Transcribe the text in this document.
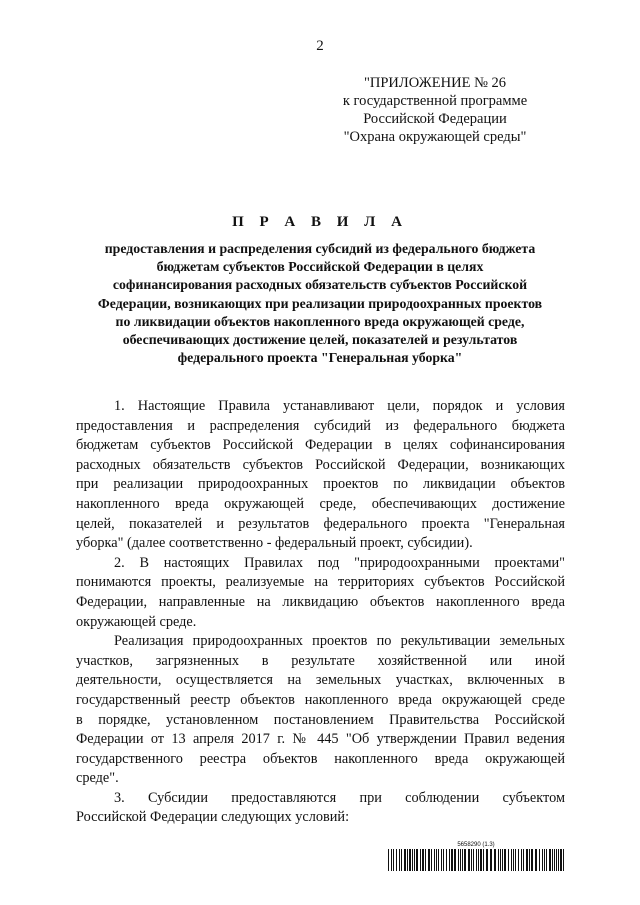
2
"ПРИЛОЖЕНИЕ № 26
к государственной программе
Российской Федерации
"Охрана окружающей среды"
П Р А В И Л А
предоставления и распределения субсидий из федерального бюджета
бюджетам субъектов Российской Федерации в целях
софинансирования расходных обязательств субъектов Российской
Федерации, возникающих при реализации природоохранных проектов
по ликвидации объектов накопленного вреда окружающей среде,
обеспечивающих достижение целей, показателей и результатов
федерального проекта "Генеральная уборка"
1. Настоящие Правила устанавливают цели, порядок и условия
предоставления и распределения субсидий из федерального бюджета
бюджетам субъектов Российской Федерации в целях софинансирования
расходных обязательств субъектов Российской Федерации, возникающих
при реализации природоохранных проектов по ликвидации объектов
накопленного вреда окружающей среде, обеспечивающих достижение
целей, показателей и результатов федерального проекта "Генеральная
уборка" (далее соответственно - федеральный проект, субсидии).
2. В настоящих Правилах под "природоохранными проектами"
понимаются проекты, реализуемые на территориях субъектов Российской
Федерации, направленные на ликвидацию объектов накопленного вреда
окружающей среде.
Реализация природоохранных проектов по рекультивации земельных
участков, загрязненных в результате хозяйственной или иной
деятельности, осуществляется на земельных участках, включенных в
государственный реестр объектов накопленного вреда окружающей среде
в порядке, установленном постановлением Правительства Российской
Федерации от 13 апреля 2017 г. № 445 "Об утверждении Правил ведения
государственного реестра объектов накопленного вреда окружающей
среде".
3. Субсидии предоставляются при соблюдении субъектом
Российской Федерации следующих условий:
5658290 (1.3)
